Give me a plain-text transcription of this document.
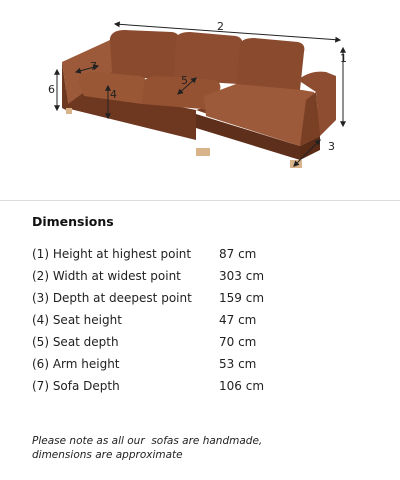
1
2
3
4
5
6
7
Dimensions
(1) Height at highest point 87 cm
(2) Width at widest point	303 cm
(3) Depth at deepest point 159 cm
(4) Seat height	47 cm
(5) Seat depth	70 cm
(6) Arm height	53 cm
(7) Sofa Depth	106 cm
Please note as all our  sofas are handmade,
dimensions are approximate
